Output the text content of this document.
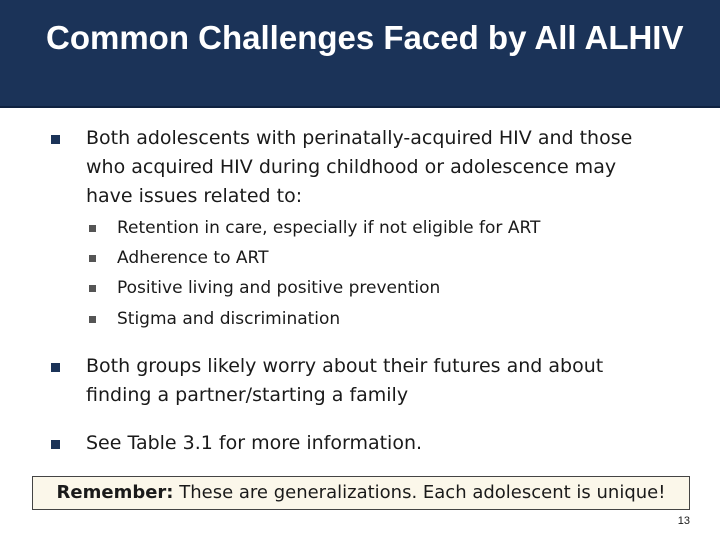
Common Challenges Faced by All ALHIV
Both adolescents with perinatally-acquired HIV and those who acquired HIV during childhood or adolescence may have issues related to:
Retention in care, especially if not eligible for ART
Adherence to ART
Positive living and positive prevention
Stigma and discrimination
Both groups likely worry about their futures and about finding a partner/starting a family
See Table 3.1 for more information.
Remember: These are generalizations. Each adolescent is unique!
13
